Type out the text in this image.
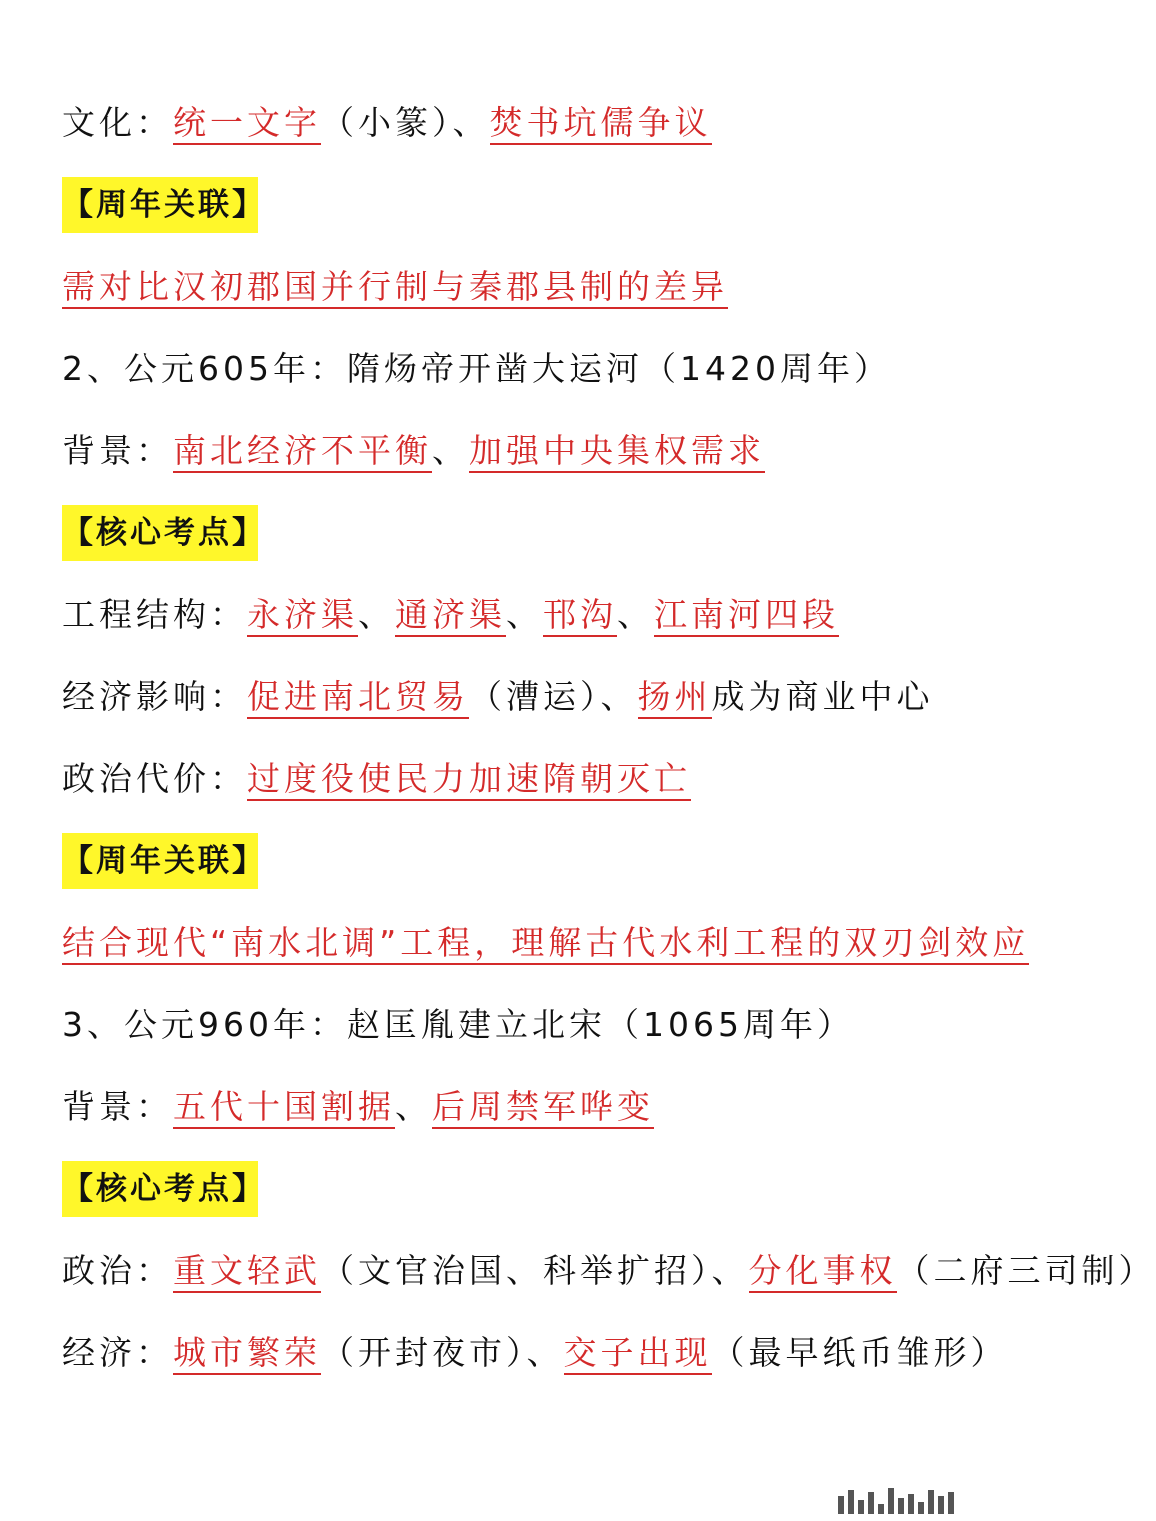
文化：统一文字（小篆）、焚书坑儒争议
【周年关联】
需对比汉初郡国并行制与秦郡县制的差异
2、公元605年：隋炀帝开凿大运河（1420周年）
背景：南北经济不平衡、加强中央集权需求
【核心考点】
工程结构：永济渠、通济渠、邗沟、江南河四段
经济影响：促进南北贸易（漕运）、扬州成为商业中心
政治代价：过度役使民力加速隋朝灭亡
【周年关联】
结合现代“南水北调”工程，理解古代水利工程的双刃剑效应
3、公元960年：赵匡胤建立北宋（1065周年）
背景：五代十国割据、后周禁军哗变
【核心考点】
政治：重文轻武（文官治国、科举扩招）、分化事权（二府三司制）
经济：城市繁荣（开封夜市）、交子出现（最早纸币雏形）
